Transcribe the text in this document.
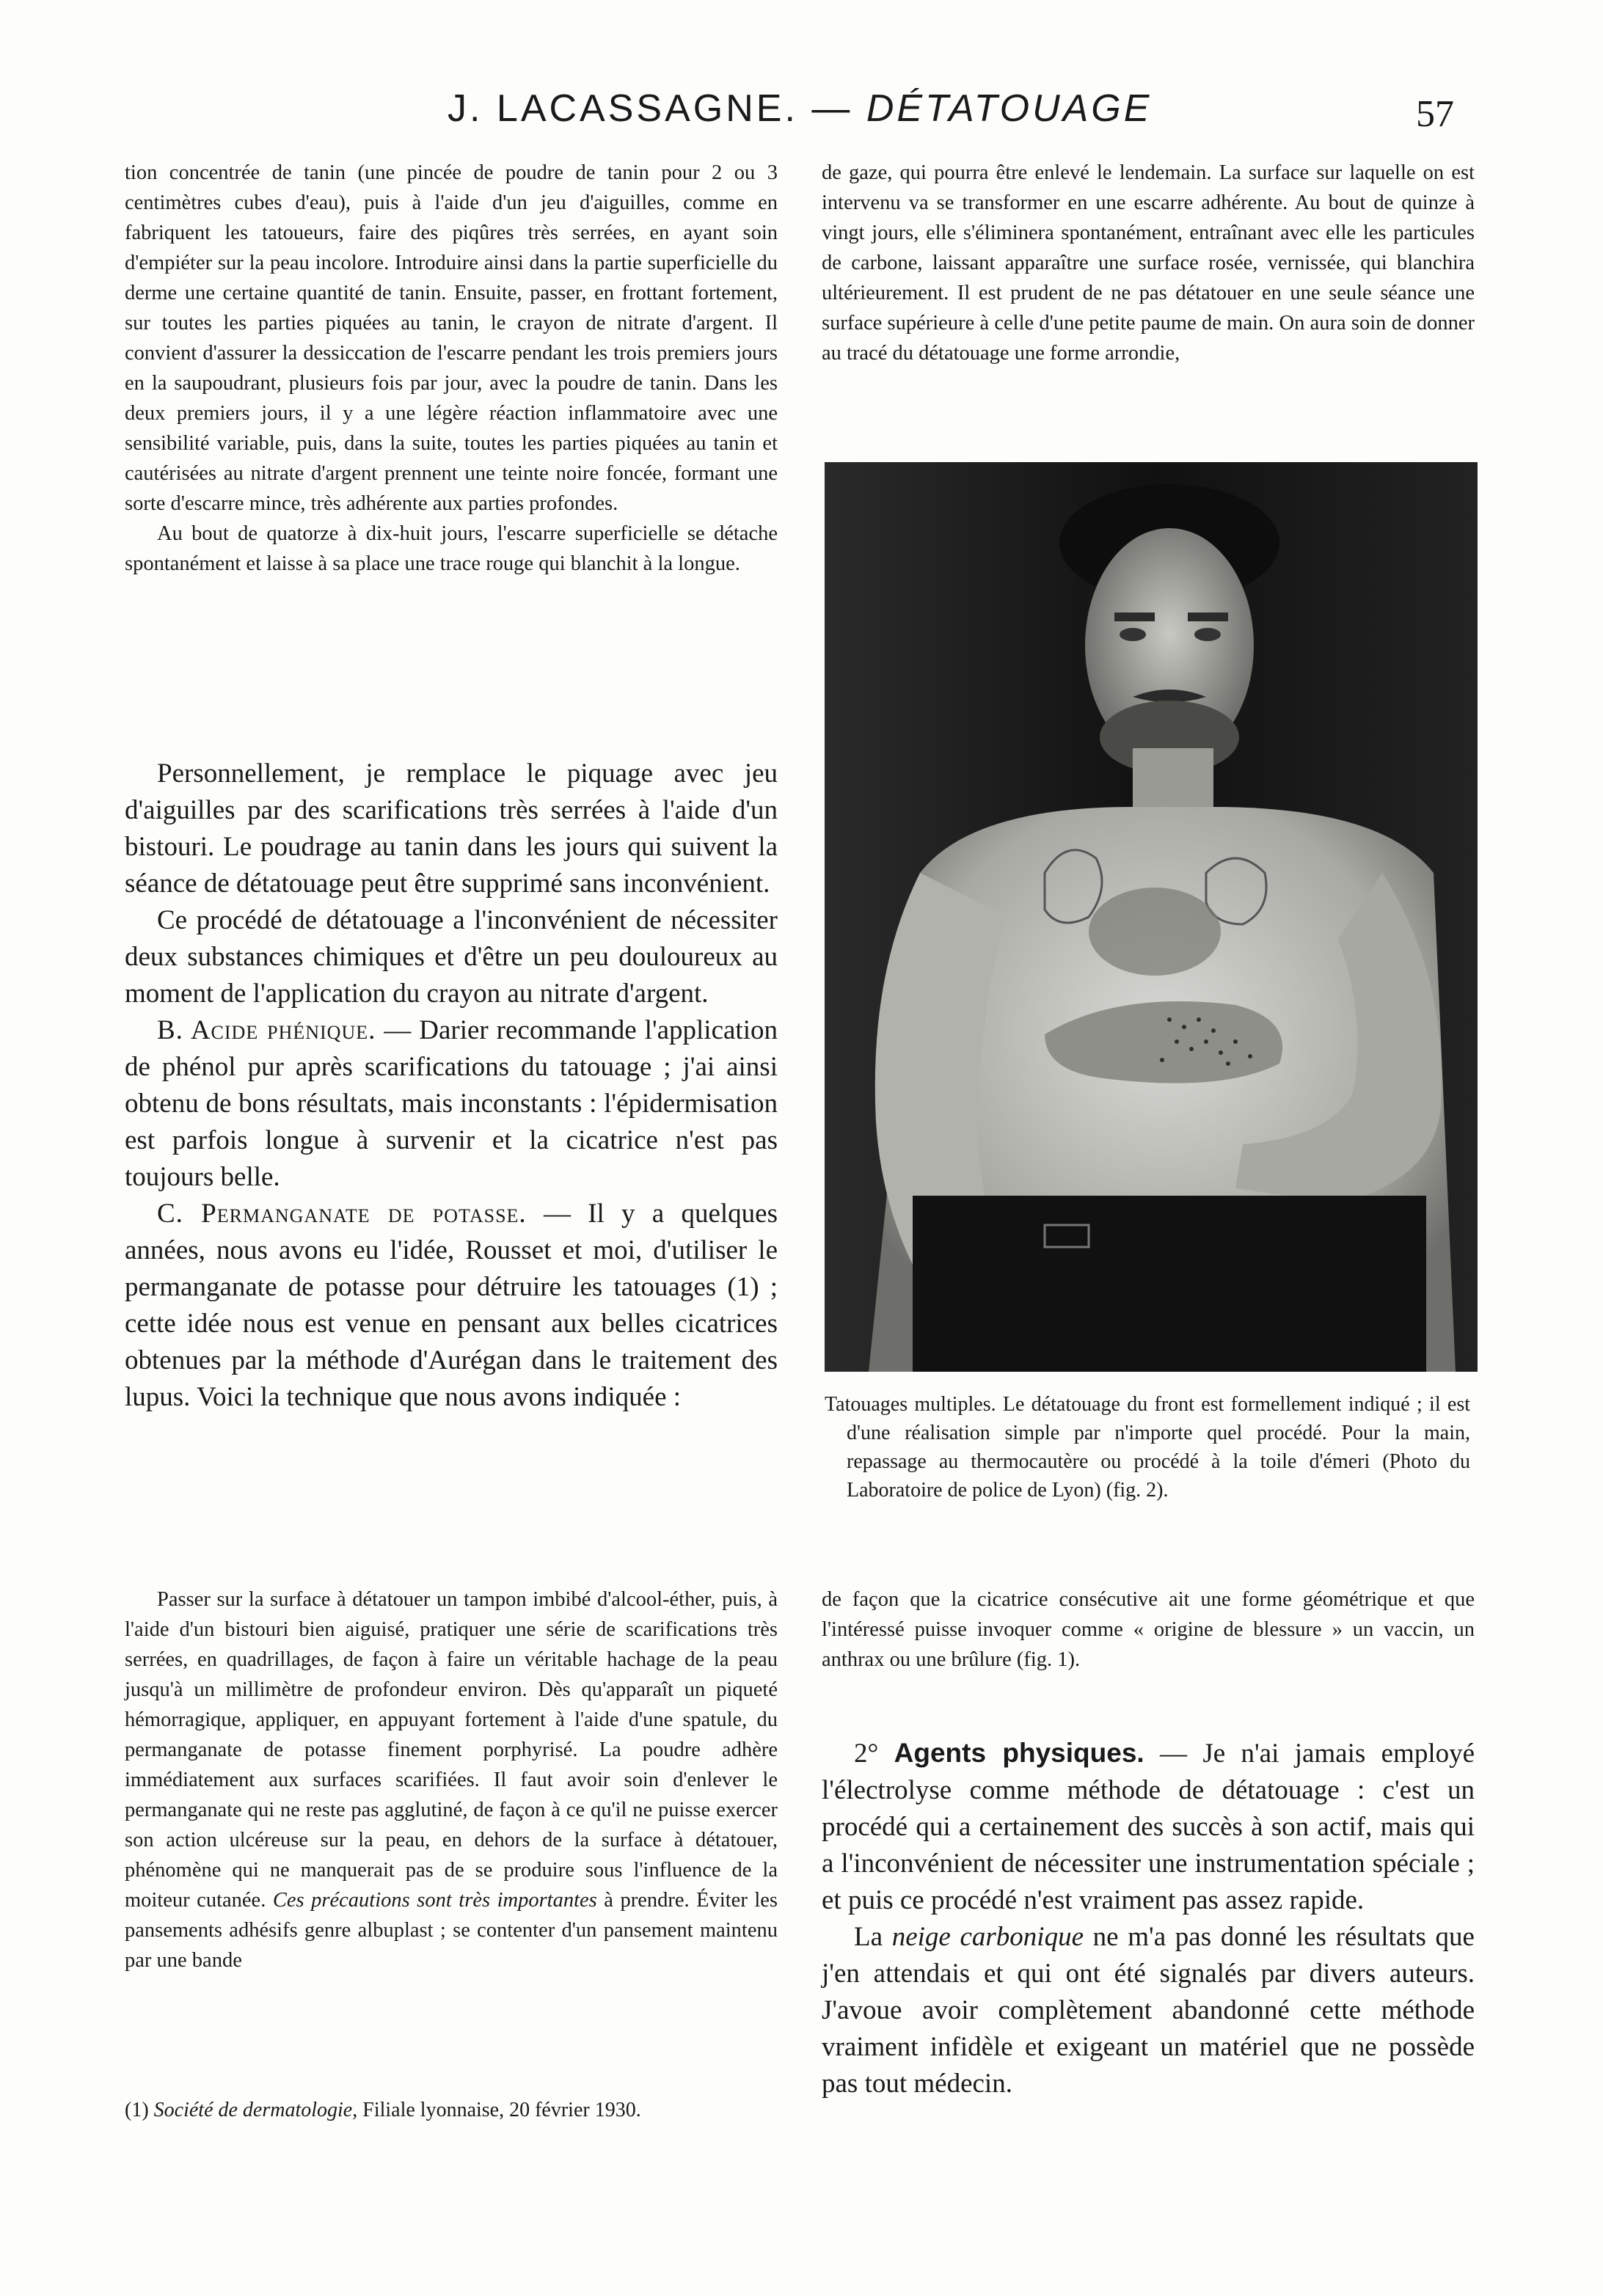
J. LACASSAGNE. — DÉTATOUAGE	57

tion concentrée de tanin (une pincée de poudre de tanin pour 2 ou 3 centimètres cubes d'eau), puis à l'aide d'un jeu d'aiguilles, comme en fabriquent les tatoueurs, faire des piqûres très serrées, en ayant soin d'empiéter sur la peau incolore. Introduire ainsi dans la partie superficielle du derme une certaine quantité de tanin. Ensuite, passer, en frottant fortement, sur toutes les parties piquées au tanin, le crayon de nitrate d'argent. Il convient d'assurer la dessiccation de l'escarre pendant les trois premiers jours en la saupoudrant, plusieurs fois par jour, avec la poudre de tanin. Dans les deux premiers jours, il y a une légère réaction inflammatoire avec une sensibilité variable, puis, dans la suite, toutes les parties piquées au tanin et cautérisées au nitrate d'argent prennent une teinte noire foncée, formant une sorte d'escarre mince, très adhérente aux parties profondes.

Au bout de quatorze à dix-huit jours, l'escarre superficielle se détache spontanément et laisse à sa place une trace rouge qui blanchit à la longue.

Personnellement, je remplace le piquage avec jeu d'aiguilles par des scarifications très serrées à l'aide d'un bistouri. Le poudrage au tanin dans les jours qui suivent la séance de détatouage peut être supprimé sans inconvénient.

Ce procédé de détatouage a l'inconvénient de nécessiter deux substances chimiques et d'être un peu douloureux au moment de l'application du crayon au nitrate d'argent.

B. Acide phénique. — Darier recommande l'application de phénol pur après scarifications du tatouage ; j'ai ainsi obtenu de bons résultats, mais inconstants : l'épidermisation est parfois longue à survenir et la cicatrice n'est pas toujours belle.

C. Permanganate de potasse. — Il y a quelques années, nous avons eu l'idée, Rousset et moi, d'utiliser le permanganate de potasse pour détruire les tatouages (1) ; cette idée nous est venue en pensant aux belles cicatrices obtenues par la méthode d'Aurégan dans le traitement des lupus. Voici la technique que nous avons indiquée :

Passer sur la surface à détatouer un tampon imbibé d'alcool-éther, puis, à l'aide d'un bistouri bien aiguisé, pratiquer une série de scarifications très serrées, en quadrillages, de façon à faire un véritable hachage de la peau jusqu'à un millimètre de profondeur environ. Dès qu'apparaît un piqueté hémorragique, appliquer, en appuyant fortement à l'aide d'une spatule, du permanganate de potasse finement porphyrisé. La poudre adhère immédiatement aux surfaces scarifiées. Il faut avoir soin d'enlever le permanganate qui ne reste pas agglutiné, de façon à ce qu'il ne puisse exercer son action ulcéreuse sur la peau, en dehors de la surface à détatouer, phénomène qui ne manquerait pas de se produire sous l'influence de la moiteur cutanée. Ces précautions sont très importantes à prendre. Éviter les pansements adhésifs genre albuplast ; se contenter d'un pansement maintenu par une bande

(1) Société de dermatologie, Filiale lyonnaise, 20 février 1930.

de gaze, qui pourra être enlevé le lendemain. La surface sur laquelle on est intervenu va se transformer en une escarre adhérente. Au bout de quinze à vingt jours, elle s'éliminera spontanément, entraînant avec elle les particules de carbone, laissant apparaître une surface rosée, vernissée, qui blanchira ultérieurement. Il est prudent de ne pas détatouer en une seule séance une surface supérieure à celle d'une petite paume de main. On aura soin de donner au tracé du détatouage une forme arrondie,

Tatouages multiples. Le détatouage du front est formellement indiqué ; il est d'une réalisation simple par n'importe quel procédé. Pour la main, repassage au thermocautère ou procédé à la toile d'émeri (Photo du Laboratoire de police de Lyon) (fig. 2).

de façon que la cicatrice consécutive ait une forme géométrique et que l'intéressé puisse invoquer comme « origine de blessure » un vaccin, un anthrax ou une brûlure (fig. 1).

2° Agents physiques. — Je n'ai jamais employé l'électrolyse comme méthode de détatouage : c'est un procédé qui a certainement des succès à son actif, mais qui a l'inconvénient de nécessiter une instrumentation spéciale ; et puis ce procédé n'est vraiment pas assez rapide.

La neige carbonique ne m'a pas donné les résultats que j'en attendais et qui ont été signalés par divers auteurs. J'avoue avoir complètement abandonné cette méthode vraiment infidèle et exigeant un matériel que ne possède pas tout médecin.
